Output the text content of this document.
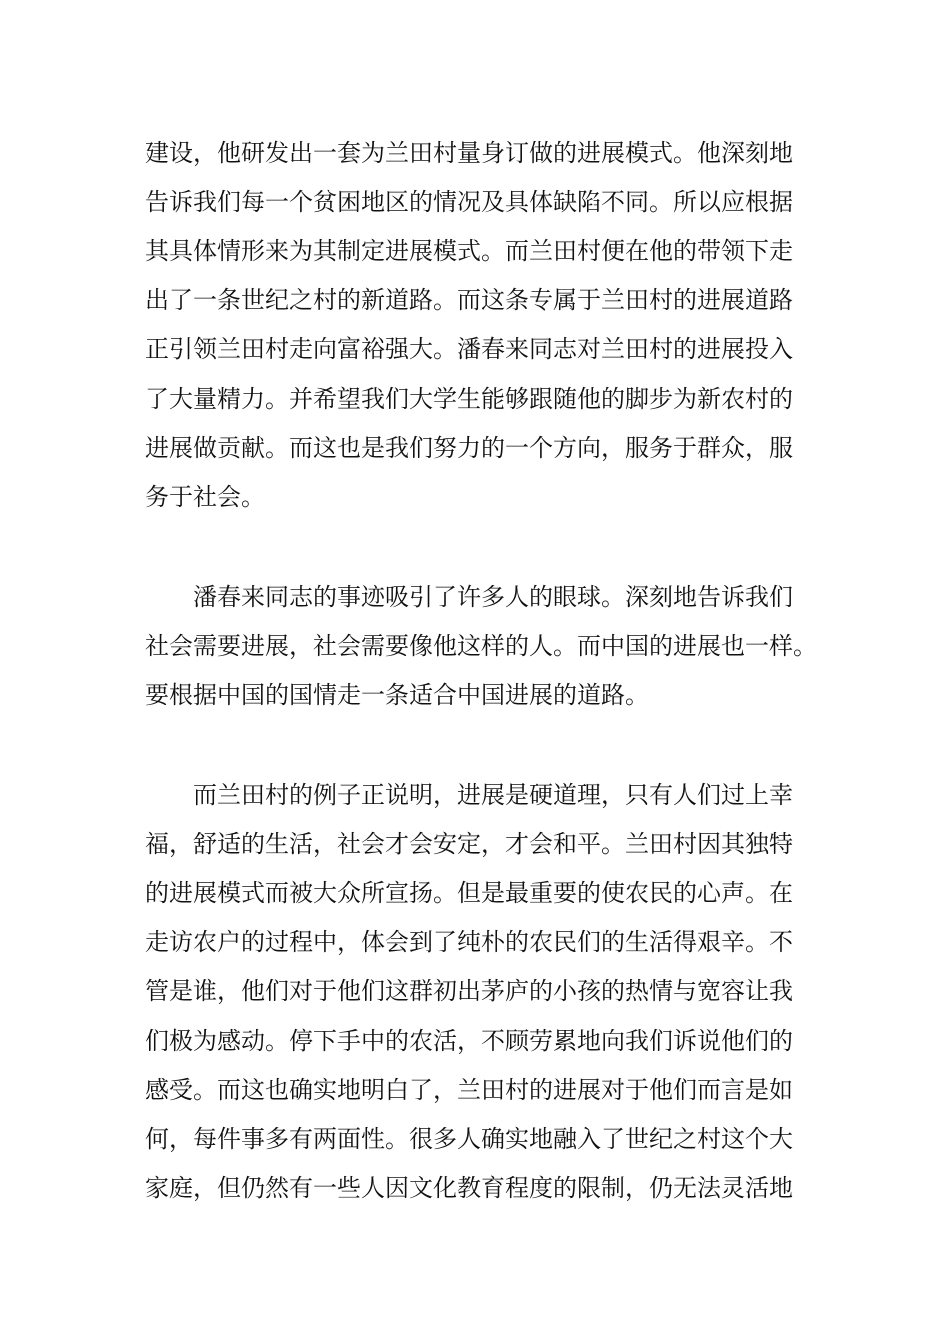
建设，他研发出一套为兰田村量身订做的进展模式。他深刻地
告诉我们每一个贫困地区的情况及具体缺陷不同。所以应根据
其具体情形来为其制定进展模式。而兰田村便在他的带领下走
出了一条世纪之村的新道路。而这条专属于兰田村的进展道路
正引领兰田村走向富裕强大。潘春来同志对兰田村的进展投入
了大量精力。并希望我们大学生能够跟随他的脚步为新农村的
进展做贡献。而这也是我们努力的一个方向，服务于群众，服
务于社会。
潘春来同志的事迹吸引了许多人的眼球。深刻地告诉我们
社会需要进展，社会需要像他这样的人。而中国的进展也一样。
要根据中国的国情走一条适合中国进展的道路。
而兰田村的例子正说明，进展是硬道理，只有人们过上幸
福，舒适的生活，社会才会安定，才会和平。兰田村因其独特
的进展模式而被大众所宣扬。但是最重要的使农民的心声。在
走访农户的过程中，体会到了纯朴的农民们的生活得艰辛。不
管是谁，他们对于他们这群初出茅庐的小孩的热情与宽容让我
们极为感动。停下手中的农活，不顾劳累地向我们诉说他们的
感受。而这也确实地明白了，兰田村的进展对于他们而言是如
何，每件事多有两面性。很多人确实地融入了世纪之村这个大
家庭，但仍然有一些人因文化教育程度的限制，仍无法灵活地
